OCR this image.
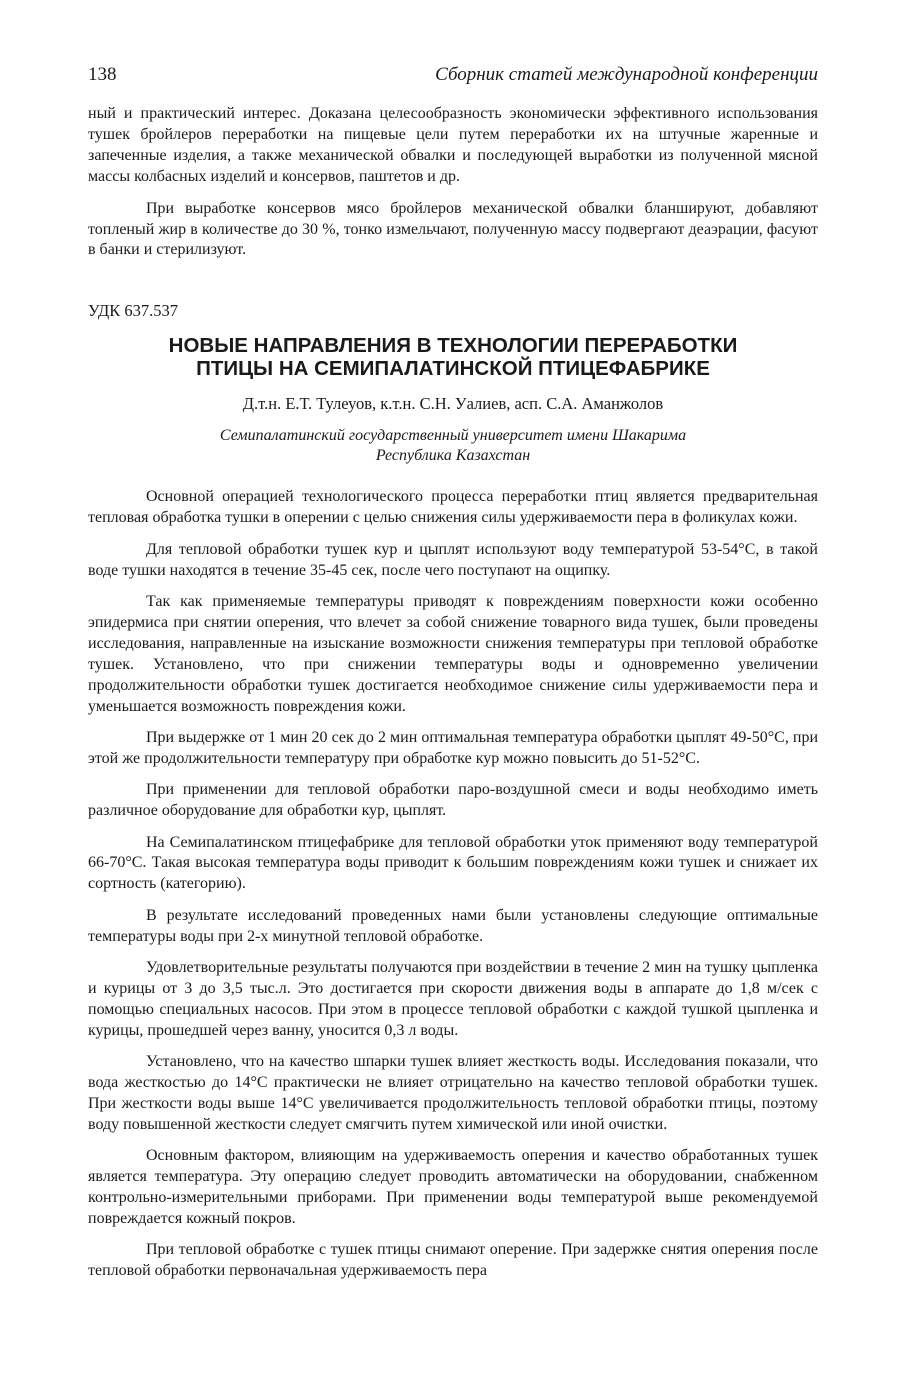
138	Сборник статей международной конференции

ный и практический интерес. Доказана целесообразность экономически эффективного использования тушек бройлеров переработки на пищевые цели путем переработки их на штучные жаренные и запеченные изделия, а также механической обвалки и последующей выработки из полученной мясной массы колбасных изделий и консервов, паштетов и др.

При выработке консервов мясо бройлеров механической обвалки бланшируют, добавляют топленый жир в количестве до 30 %, тонко измельчают, полученную массу подвергают деаэрации, фасуют в банки и стерилизуют.

УДК 637.537
НОВЫЕ НАПРАВЛЕНИЯ В ТЕХНОЛОГИИ ПЕРЕРАБОТКИ
ПТИЦЫ НА СЕМИПАЛАТИНСКОЙ ПТИЦЕФАБРИКЕ
Д.т.н. Е.Т. Тулеуов, к.т.н. С.Н. Уалиев, асп. С.А. Аманжолов
Семипалатинский государственный университет имени Шакарима
Республика Казахстан

Основной операцией технологического процесса переработки птиц является предварительная тепловая обработка тушки в оперении с целью снижения силы удерживаемости пера в фоликулах кожи.

Для тепловой обработки тушек кур и цыплят используют воду температурой 53-54°С, в такой воде тушки находятся в течение 35-45 сек, после чего поступают на ощипку.

Так как применяемые температуры приводят к повреждениям поверхности кожи особенно эпидермиса при снятии оперения, что влечет за собой снижение товарного вида тушек, были проведены исследования, направленные на изыскание возможности снижения температуры при тепловой обработке тушек. Установлено, что при снижении температуры воды и одновременно увеличении продолжительности обработки тушек достигается необходимое снижение силы удерживаемости пера и уменьшается возможность повреждения кожи.

При выдержке от 1 мин 20 сек до 2 мин оптимальная температура обработки цыплят 49-50°С, при этой же продолжительности температуру при обработке кур можно повысить до 51-52°С.

При применении для тепловой обработки паро-воздушной смеси и воды необходимо иметь различное оборудование для обработки кур, цыплят.

На Семипалатинском птицефабрике для тепловой обработки уток применяют воду температурой 66-70°С. Такая высокая температура воды приводит к большим повреждениям кожи тушек и снижает их сортность (категорию).

В результате исследований проведенных нами были установлены следующие оптимальные температуры воды при 2-х минутной тепловой обработке.

Удовлетворительные результаты получаются при воздействии в течение 2 мин на тушку цыпленка и курицы от 3 до 3,5 тыс.л. Это достигается при скорости движения воды в аппарате до 1,8 м/сек с помощью специальных насосов. При этом в процессе тепловой обработки с каждой тушкой цыпленка и курицы, прошедшей через ванну, уносится 0,3 л воды.

Установлено, что на качество шпарки тушек влияет жесткость воды. Исследования показали, что вода жесткостью до 14°С практически не влияет отрицательно на качество тепловой обработки тушек. При жесткости воды выше 14°С увеличивается продолжительность тепловой обработки птицы, поэтому воду повышенной жесткости следует смягчить путем химической или иной очистки.

Основным фактором, влияющим на удерживаемость оперения и качество обработанных тушек является температура. Эту операцию следует проводить автоматически на оборудовании, снабженном контрольно-измерительными приборами. При применении воды температурой выше рекомендуемой повреждается кожный покров.

При тепловой обработке с тушек птицы снимают оперение. При задержке снятия оперения после тепловой обработки первоначальная удерживаемость пера
